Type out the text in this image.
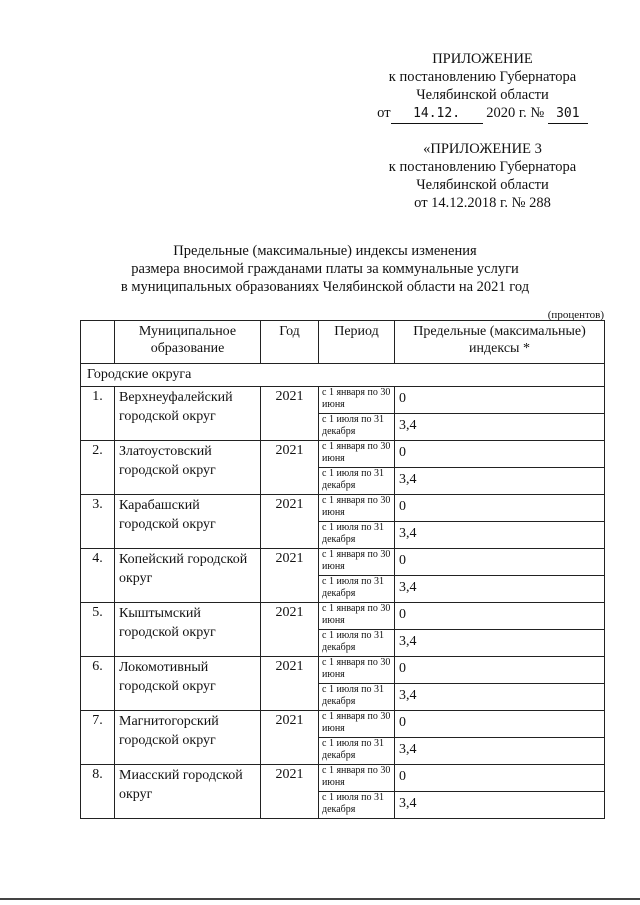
ПРИЛОЖЕНИЕ
к постановлению Губернатора
Челябинской области
от 14.12. 2020 г. № 301
«ПРИЛОЖЕНИЕ 3
к постановлению Губернатора
Челябинской области
от 14.12.2018 г. № 288
Предельные (максимальные) индексы изменения
размера вносимой гражданами платы за коммунальные услуги
в муниципальных образованиях Челябинской области на 2021 год
(процентов)
	Муниципальное образование	Год	Период	Предельные (максимальные) индексы *
Городские округа				
1.	Верхнеуфалейский городской округ	2021	с 1 января по 30 июня	0
			с 1 июля по 31 декабря	3,4
2.	Златоустовский городской округ	2021	с 1 января по 30 июня	0
			с 1 июля по 31 декабря	3,4
3.	Карабашский городской округ	2021	с 1 января по 30 июня	0
			с 1 июля по 31 декабря	3,4
4.	Копейский городской округ	2021	с 1 января по 30 июня	0
			с 1 июля по 31 декабря	3,4
5.	Кыштымский городской округ	2021	с 1 января по 30 июня	0
			с 1 июля по 31 декабря	3,4
6.	Локомотивный городской округ	2021	с 1 января по 30 июня	0
			с 1 июля по 31 декабря	3,4
7.	Магнитогорский городской округ	2021	с 1 января по 30 июня	0
			с 1 июля по 31 декабря	3,4
8.	Миасский городской округ	2021	с 1 января по 30 июня	0
			с 1 июля по 31 декабря	3,4
